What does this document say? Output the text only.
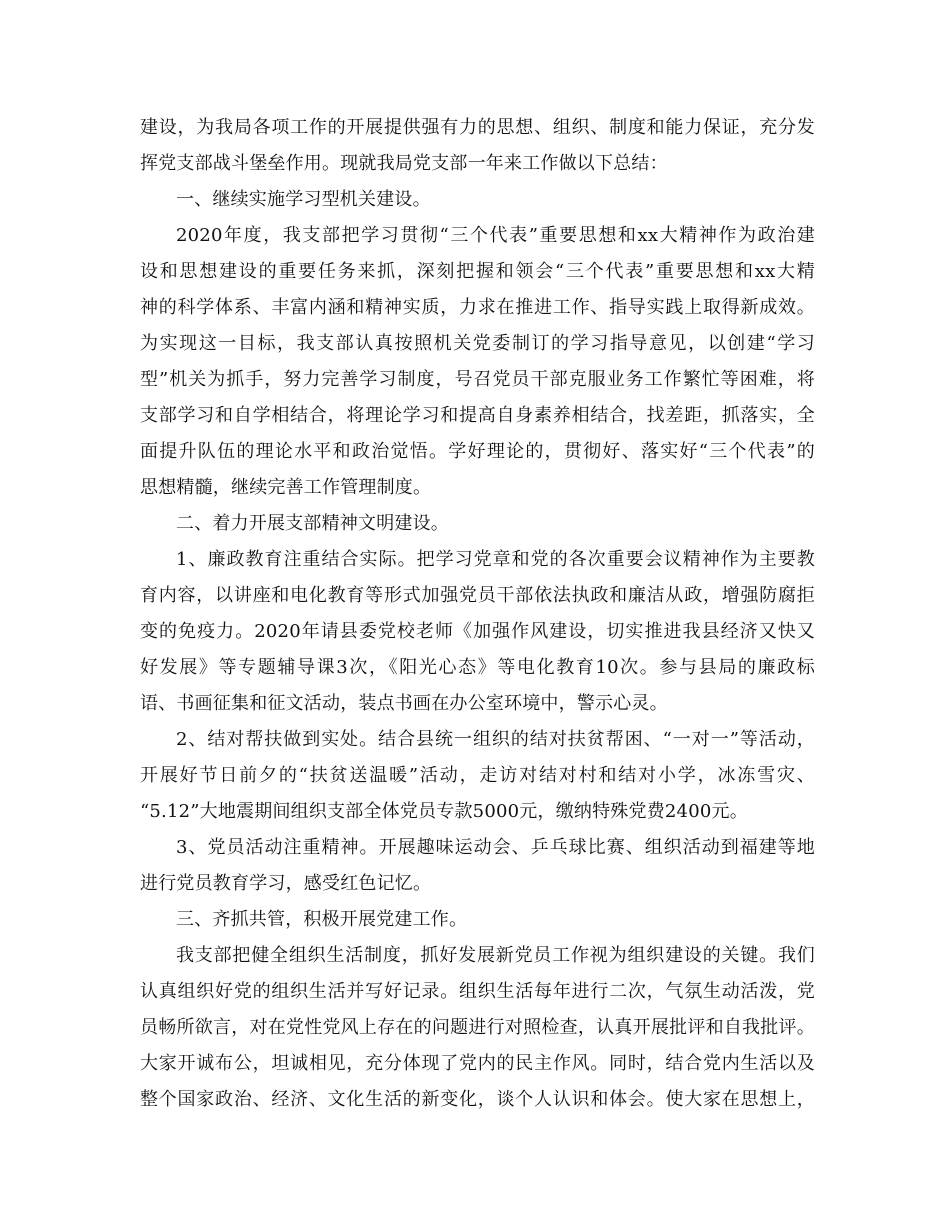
建设，为我局各项工作的开展提供强有力的思想、组织、制度和能力保证，充分发
挥党支部战斗堡垒作用。现就我局党支部一年来工作做以下总结：
一、继续实施学习型机关建设。
2020年度，我支部把学习贯彻“三个代表”重要思想和xx大精神作为政治建
设和思想建设的重要任务来抓，深刻把握和领会“三个代表”重要思想和xx大精
神的科学体系、丰富内涵和精神实质，力求在推进工作、指导实践上取得新成效。
为实现这一目标，我支部认真按照机关党委制订的学习指导意见，以创建“学习
型”机关为抓手，努力完善学习制度，号召党员干部克服业务工作繁忙等困难，将
支部学习和自学相结合，将理论学习和提高自身素养相结合，找差距，抓落实，全
面提升队伍的理论水平和政治觉悟。学好理论的，贯彻好、落实好“三个代表”的
思想精髓，继续完善工作管理制度。
二、着力开展支部精神文明建设。
1、廉政教育注重结合实际。把学习党章和党的各次重要会议精神作为主要教
育内容，以讲座和电化教育等形式加强党员干部依法执政和廉洁从政，增强防腐拒
变的免疫力。2020年请县委党校老师《加强作风建设，切实推进我县经济又快又
好发展》等专题辅导课3次，《阳光心态》等电化教育10次。参与县局的廉政标
语、书画征集和征文活动，装点书画在办公室环境中，警示心灵。
2、结对帮扶做到实处。结合县统一组织的结对扶贫帮困、“一对一”等活动，
开展好节日前夕的“扶贫送温暖”活动，走访对结对村和结对小学，冰冻雪灾、
“5.12”大地震期间组织支部全体党员专款5000元，缴纳特殊党费2400元。
3、党员活动注重精神。开展趣味运动会、乒乓球比赛、组织活动到福建等地
进行党员教育学习，感受红色记忆。
三、齐抓共管，积极开展党建工作。
我支部把健全组织生活制度，抓好发展新党员工作视为组织建设的关键。我们
认真组织好党的组织生活并写好记录。组织生活每年进行二次，气氛生动活泼，党
员畅所欲言，对在党性党风上存在的问题进行对照检查，认真开展批评和自我批评。
大家开诚布公，坦诚相见，充分体现了党内的民主作风。同时，结合党内生活以及
整个国家政治、经济、文化生活的新变化，谈个人认识和体会。使大家在思想上，
